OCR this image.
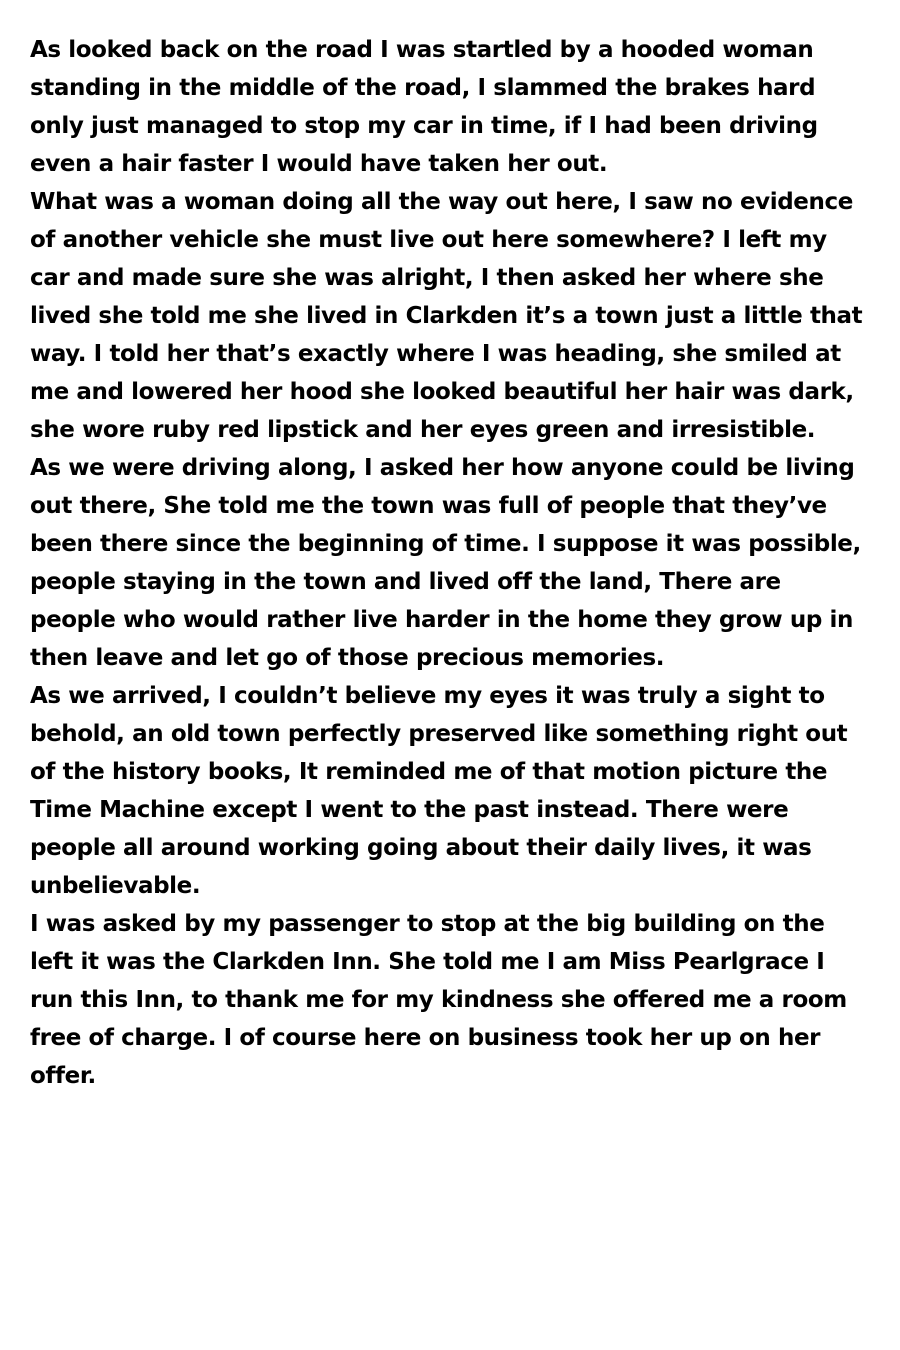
As looked back on the road I was startled by a hooded woman standing in the middle of the road, I slammed the brakes hard only just managed to stop my car in time, if I had been driving even a hair faster I would have taken her out.

What was a woman doing all the way out here, I saw no evidence of another vehicle she must live out here somewhere? I left my car and made sure she was alright, I then asked her where she lived she told me she lived in Clarkden it’s a town just a little that way. I told her that’s exactly where I was heading, she smiled at me and lowered her hood she looked beautiful her hair was dark, she wore ruby red lipstick and her eyes green and irresistible.

As we were driving along, I asked her how anyone could be living out there, She told me the town was full of people that they’ve been there since the beginning of time. I suppose it was possible, people staying in the town and lived off the land, There are people who would rather live harder in the home they grow up in then leave and let go of those precious memories.

As we arrived, I couldn’t believe my eyes it was truly a sight to behold, an old town perfectly preserved like something right out of the history books, It reminded me of that motion picture the Time Machine except I went to the past instead. There were people all around working going about their daily lives, it was unbelievable.

I was asked by my passenger to stop at the big building on the left it was the Clarkden Inn. She told me I am Miss Pearlgrace I run this Inn, to thank me for my kindness she offered me a room free of charge. I of course here on business took her up on her offer.
